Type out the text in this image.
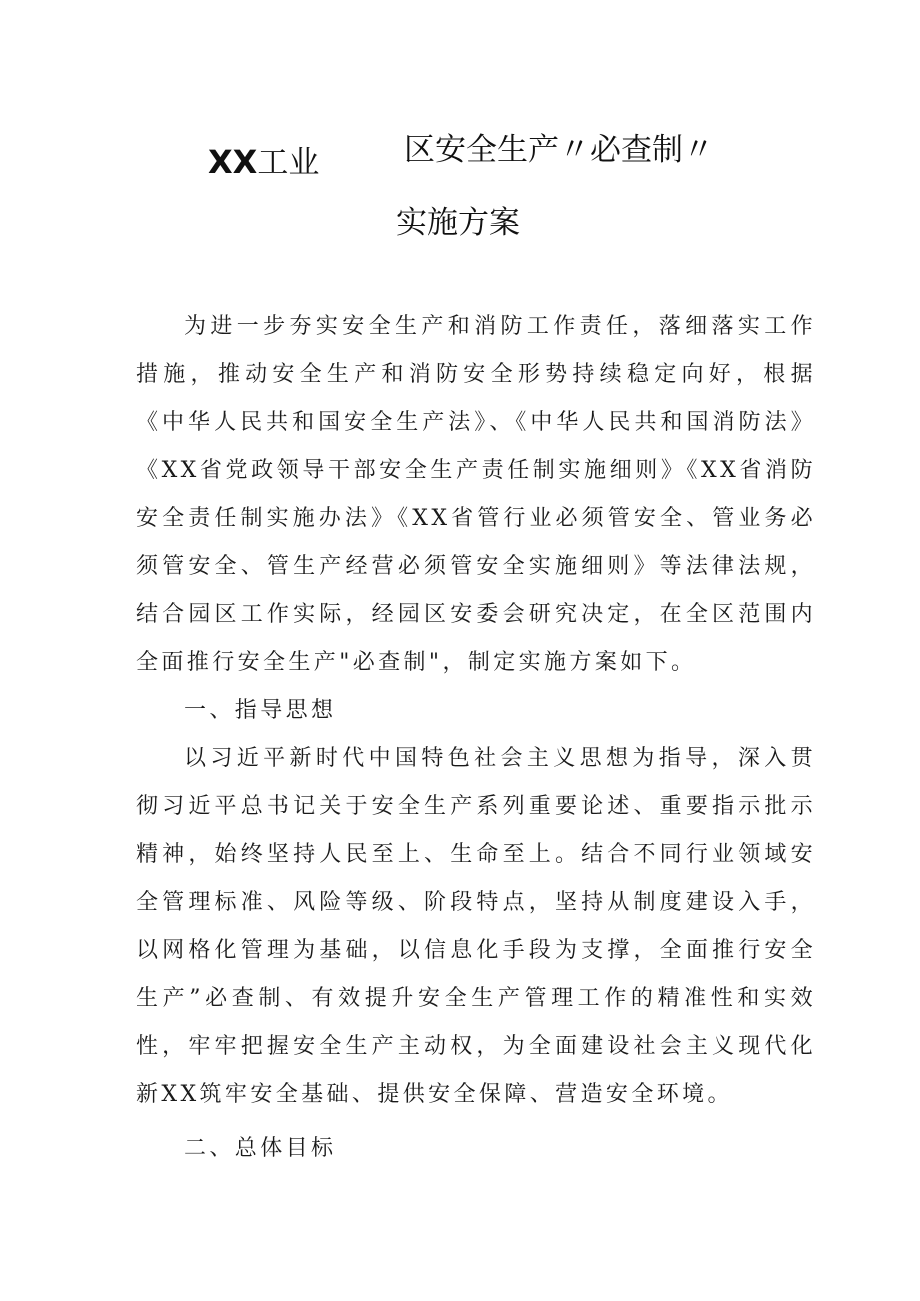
XX工业	区安全生产〃必查制〃
实施方案

为进一步夯实安全生产和消防工作责任，落细落实工作措施，推动安全生产和消防安全形势持续稳定向好，根据《中华人民共和国安全生产法》、《中华人民共和国消防法》《XX省党政领导干部安全生产责任制实施细则》《XX省消防安全责任制实施办法》《XX省管行业必须管安全、管业务必须管安全、管生产经营必须管安全实施细则》等法律法规，结合园区工作实际，经园区安委会研究决定，在全区范围内全面推行安全生产"必查制"，制定实施方案如下。

一、指导思想

以习近平新时代中国特色社会主义思想为指导，深入贯彻习近平总书记关于安全生产系列重要论述、重要指示批示精神，始终坚持人民至上、生命至上。结合不同行业领域安全管理标准、风险等级、阶段特点，坚持从制度建设入手，以网格化管理为基础，以信息化手段为支撑，全面推行安全生产”必查制、有效提升安全生产管理工作的精准性和实效性，牢牢把握安全生产主动权，为全面建设社会主义现代化新XX筑牢安全基础、提供安全保障、营造安全环境。

二、总体目标
